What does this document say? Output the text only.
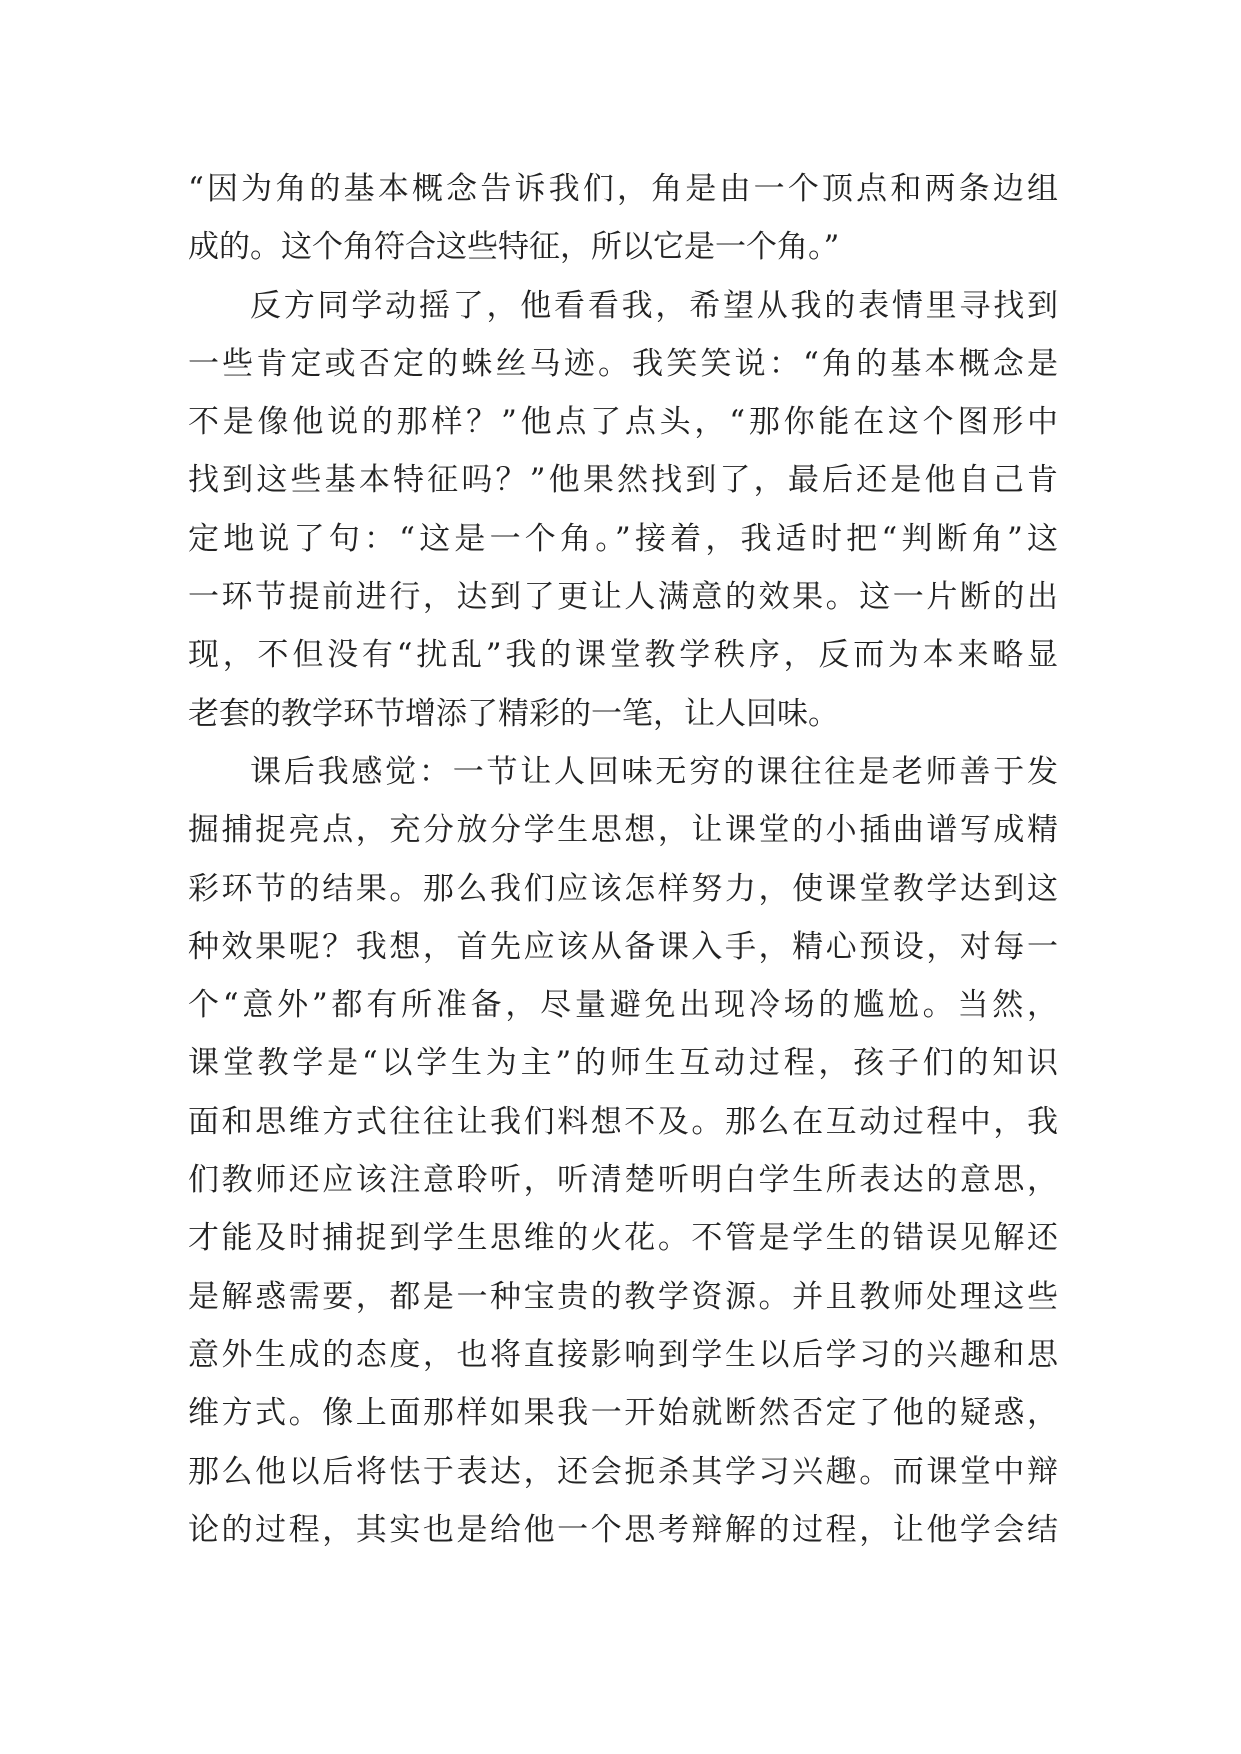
“因为角的基本概念告诉我们，角是由一个顶点和两条边组
成的。这个角符合这些特征，所以它是一个角。”
反方同学动摇了，他看看我，希望从我的表情里寻找到
一些肯定或否定的蛛丝马迹。我笑笑说：“角的基本概念是
不是像他说的那样？”他点了点头，“那你能在这个图形中
找到这些基本特征吗？”他果然找到了，最后还是他自己肯
定地说了句：“这是一个角。”接着，我适时把“判断角”这
一环节提前进行，达到了更让人满意的效果。这一片断的出
现，不但没有“扰乱”我的课堂教学秩序，反而为本来略显
老套的教学环节增添了精彩的一笔，让人回味。
课后我感觉：一节让人回味无穷的课往往是老师善于发
掘捕捉亮点，充分放分学生思想，让课堂的小插曲谱写成精
彩环节的结果。那么我们应该怎样努力，使课堂教学达到这
种效果呢？我想，首先应该从备课入手，精心预设，对每一
个“意外”都有所准备，尽量避免出现冷场的尴尬。当然，
课堂教学是“以学生为主”的师生互动过程，孩子们的知识
面和思维方式往往让我们料想不及。那么在互动过程中，我
们教师还应该注意聆听，听清楚听明白学生所表达的意思，
才能及时捕捉到学生思维的火花。不管是学生的错误见解还
是解惑需要，都是一种宝贵的教学资源。并且教师处理这些
意外生成的态度，也将直接影响到学生以后学习的兴趣和思
维方式。像上面那样如果我一开始就断然否定了他的疑惑，
那么他以后将怯于表达，还会扼杀其学习兴趣。而课堂中辩
论的过程，其实也是给他一个思考辩解的过程，让他学会结
